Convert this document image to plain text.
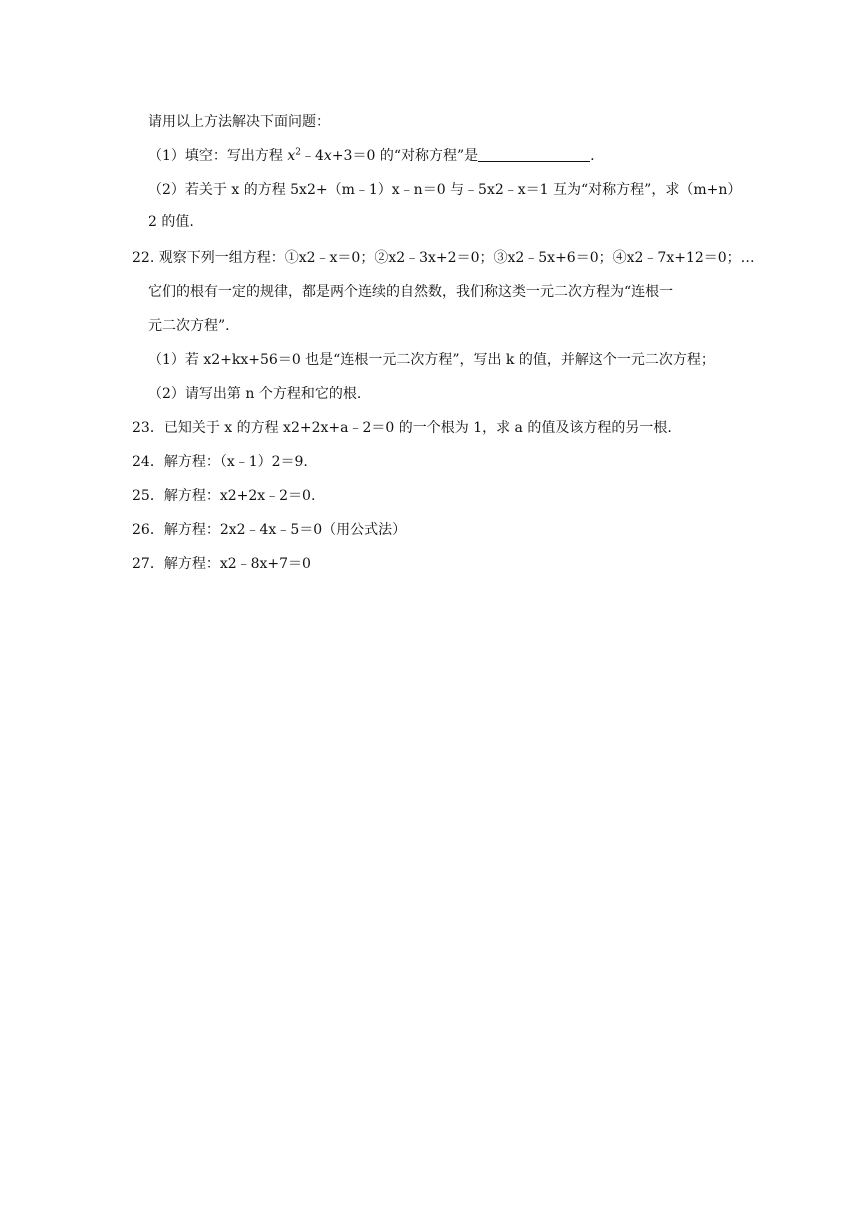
请用以上方法解决下面问题：
（1）填空：写出方程 $x^2﹣4x+3=0$ 的“对称方程”是	.
（2）若关于 x 的方程 5x2+（m﹣1）x﹣n＝0 与﹣5x2﹣x＝1 互为“对称方程”，求（m+n）
2 的值.
22. 观察下列一组方程：①x2﹣x＝0；②x2﹣3x+2＝0；③x2﹣5x+6＝0；④x2﹣7x+12＝0；…
它们的根有一定的规律，都是两个连续的自然数，我们称这类一元二次方程为“连根一
元二次方程”.
（1）若 x2+kx+56＝0 也是“连根一元二次方程”，写出 k 的值，并解这个一元二次方程；
（2）请写出第 n 个方程和它的根.
23．已知关于 x 的方程 x2+2x+a﹣2＝0 的一个根为 1，求 a 的值及该方程的另一根.
24．解方程：（x﹣1）2＝9.
25．解方程：x2+2x﹣2＝0.
26．解方程：2x2﹣4x﹣5＝0（用公式法）
27．解方程：x2﹣8x+7＝0
